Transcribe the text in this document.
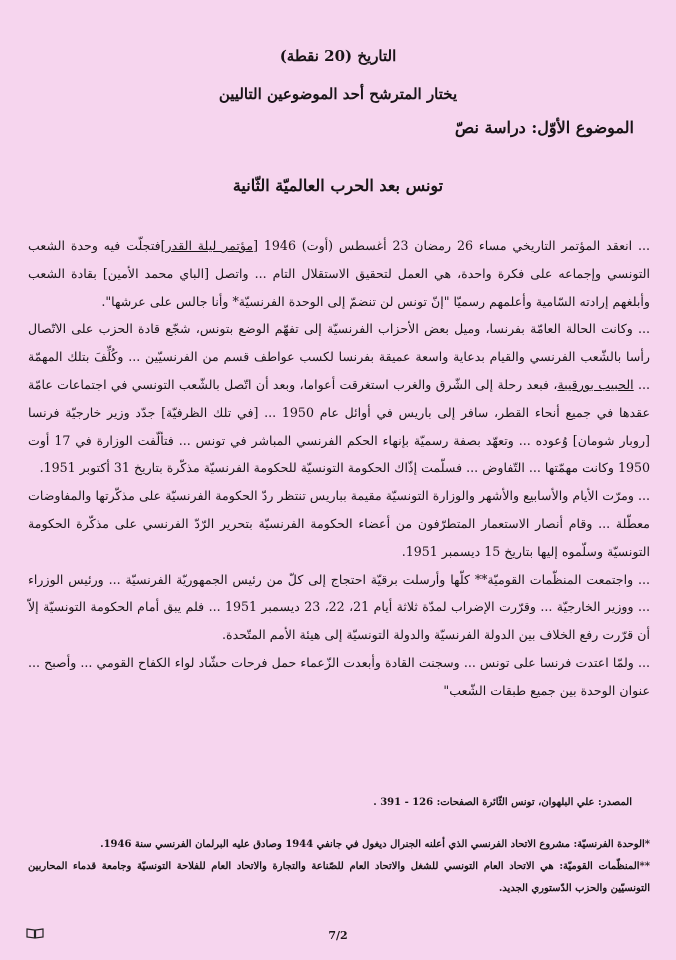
التاريخ (20 نقطة)
يختار المترشح أحد الموضوعين التاليين
الموضوع الأوّل: دراسة نصّ
تونس بعد الحرب العالميّة الثّانية

... انعقد المؤتمر التاريخي مساء 26 رمضان 23 أغسطس (أوت) 1946 [مؤتمر ليلة القدر]فتجلّت فيه وحدة الشعب التونسي وإجماعه على فكرة واحدة، هي العمل لتحقيق الاستقلال التام ... واتصل [الباي محمد الأمين] بقادة الشعب وأبلغهم إرادته السّامية وأعلمهم رسميّا "إنّ تونس لن تنضمّ إلى الوحدة الفرنسيّة* وأنا جالس على عرشها".

... وكانت الحالة العامّة بفرنسا، وميل بعض الأحزاب الفرنسيّة إلى تفهّم الوضع بتونس، شجّع قادة الحزب على الاتّصال رأسا بالشّعب الفرنسي والقيام بدعاية واسعة عميقة بفرنسا لكسب عواطف قسم من الفرنسيّين ... وكُلِّفَ بتلك المهمّة ... الحبيب بورقيبة، فبعد رحلة إلى الشّرق والغرب استغرقت أعواما، وبعد أن اتّصل بالشّعب التونسي في اجتماعات عامّة عقدها في جميع أنحاء القطر، سافر إلى باريس في أوائل عام 1950 ... [في تلك الظرفيّة] جدّد وزير خارجيّة فرنسا [روبار شومان] وُعوده ... وتعهّد بصفة رسميّة بإنهاء الحكم الفرنسي المباشر في تونس ... فتألّفت الوزارة في 17 أوت 1950 وكانت مهمّتها ... التّفاوض ... فسلّمت إذّاك الحكومة التونسيّة للحكومة الفرنسيّة مذكّرة بتاريخ 31 أكتوبر 1951.

... ومرّت الأيام والأسابيع والأشهر والوزارة التونسيّة مقيمة بباريس تنتظر ردّ الحكومة الفرنسيّة على مذكّرتها والمفاوضات معطّلة ... وقام أنصار الاستعمار المتطرّفون من أعضاء الحكومة الفرنسيّة بتحرير الرّدّ الفرنسي على مذكّرة الحكومة التونسيّة وسلّموه إليها بتاريخ 15 ديسمبر 1951.

... واجتمعت المنظّمات القوميّة** كلّها وأرسلت برقيّة احتجاج إلى كلّ من رئيس الجمهوريّة الفرنسيّة ... ورئيس الوزراء ... ووزير الخارجيّة ... وقرّرت الإضراب لمدّة ثلاثة أيام 21، 22، 23 ديسمبر 1951 ... فلم يبق أمام الحكومة التونسيّة إلاّ أن قرّرت رفع الخلاف بين الدولة الفرنسيّة والدولة التونسيّة إلى هيئة الأمم المتّحدة.

... ولمّا اعتدت فرنسا على تونس ... وسجنت القادة وأبعدت الزّعماء حمل فرحات حشّاد لواء الكفاح القومي ... وأصبح ... عنوان الوحدة بين جميع طبقات الشّعب"

المصدر: علي البلهوان، تونس الثّائرة الصفحات: 126 - 391 .

*الوحدة الفرنسيّة: مشروع الاتحاد الفرنسي الذي أعلنه الجنرال ديغول في جانفي 1944 وصادق عليه البرلمان الفرنسي سنة 1946.

**المنظّمات القوميّة: هي الاتحاد العام التونسي للشغل والاتحاد العام للصّناعة والتجارة والاتحاد العام للفلاحة التونسيّة وجامعة قدماء المحاربين التونسيّين والحزب الدّستوري الجديد.

7/2
